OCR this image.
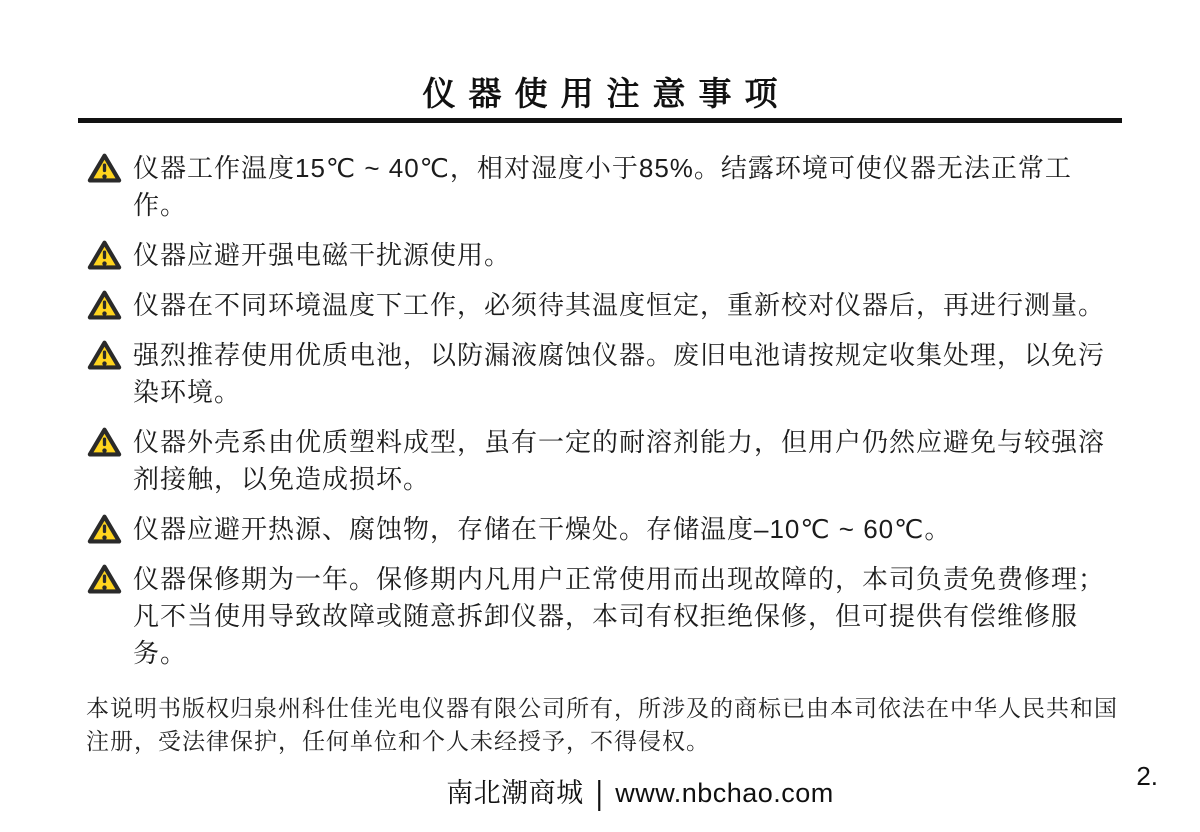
仪器使用注意事项

仪器工作温度15℃ ~ 40℃，相对湿度小于85%。结露环境可使仪器无法正常工作。

仪器应避开强电磁干扰源使用。

仪器在不同环境温度下工作，必须待其温度恒定，重新校对仪器后，再进行测量。

强烈推荐使用优质电池，以防漏液腐蚀仪器。废旧电池请按规定收集处理，以免污染环境。

仪器外壳系由优质塑料成型，虽有一定的耐溶剂能力，但用户仍然应避免与较强溶剂接触，以免造成损坏。

仪器应避开热源、腐蚀物，存储在干燥处。存储温度–10℃ ~ 60℃。

仪器保修期为一年。保修期内凡用户正常使用而出现故障的，本司负责免费修理；凡不当使用导致故障或随意拆卸仪器，本司有权拒绝保修，但可提供有偿维修服务。

本说明书版权归泉州科仕佳光电仪器有限公司所有，所涉及的商标已由本司依法在中华人民共和国注册，受法律保护，任何单位和个人未经授予，不得侵权。

2.
南北潮商城 | www.nbchao.com
